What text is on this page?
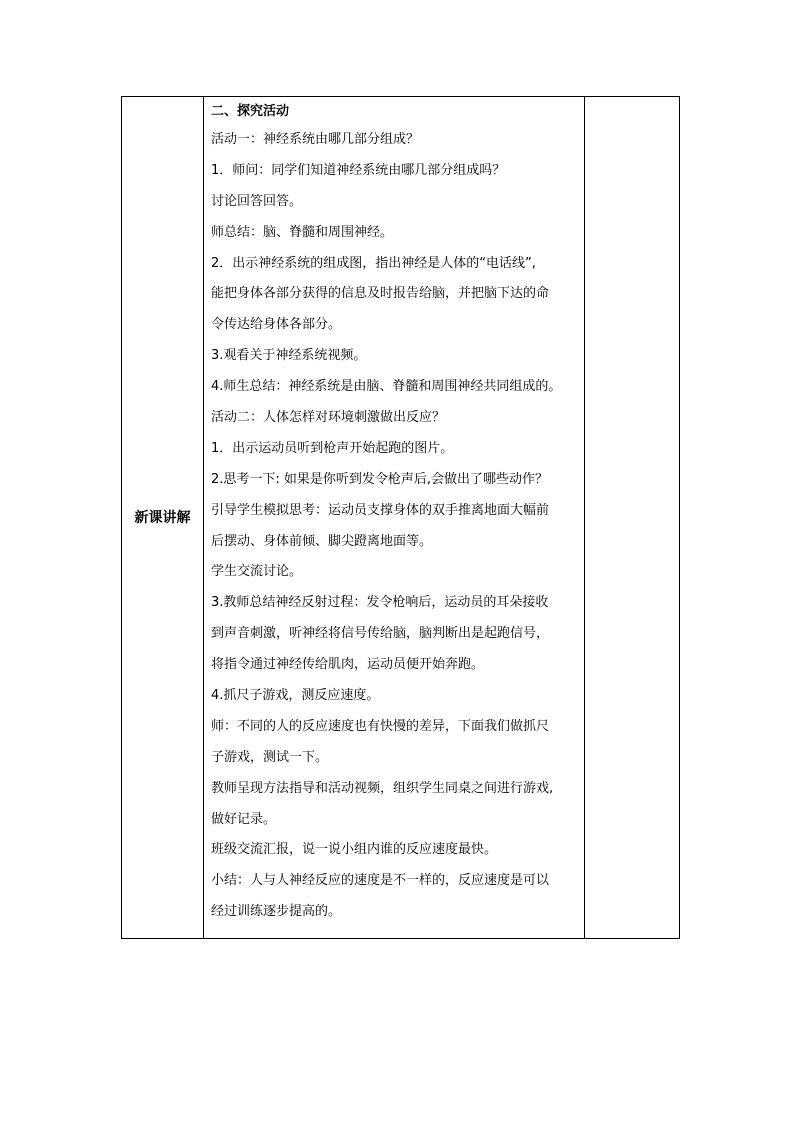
新课讲解
二、探究活动
活动一：神经系统由哪几部分组成？
1．师问：同学们知道神经系统由哪几部分组成吗？
讨论回答回答。
师总结：脑、脊髓和周围神经。
2．出示神经系统的组成图，指出神经是人体的“电话线”,
能把身体各部分获得的信息及时报告给脑，并把脑下达的命
令传达给身体各部分。
3.观看关于神经系统视频。
4.师生总结：神经系统是由脑、脊髓和周围神经共同组成的。
活动二：人体怎样对环境刺激做出反应？
1．出示运动员听到枪声开始起跑的图片。
2.思考一下: 如果是你听到发令枪声后,会做出了哪些动作？
引导学生模拟思考：运动员支撑身体的双手推离地面大幅前
后摆动、身体前倾、脚尖蹬离地面等。
学生交流讨论。
3.教师总结神经反射过程：发令枪响后，运动员的耳朵接收
到声音刺激，听神经将信号传给脑，脑判断出是起跑信号，
将指令通过神经传给肌肉，运动员便开始奔跑。
4.抓尺子游戏，测反应速度。
师：不同的人的反应速度也有快慢的差异，下面我们做抓尺
子游戏，测试一下。
教师呈现方法指导和活动视频，组织学生同桌之间进行游戏,
做好记录。
班级交流汇报，说一说小组内谁的反应速度最快。
小结：人与人神经反应的速度是不一样的，反应速度是可以
经过训练逐步提高的。
